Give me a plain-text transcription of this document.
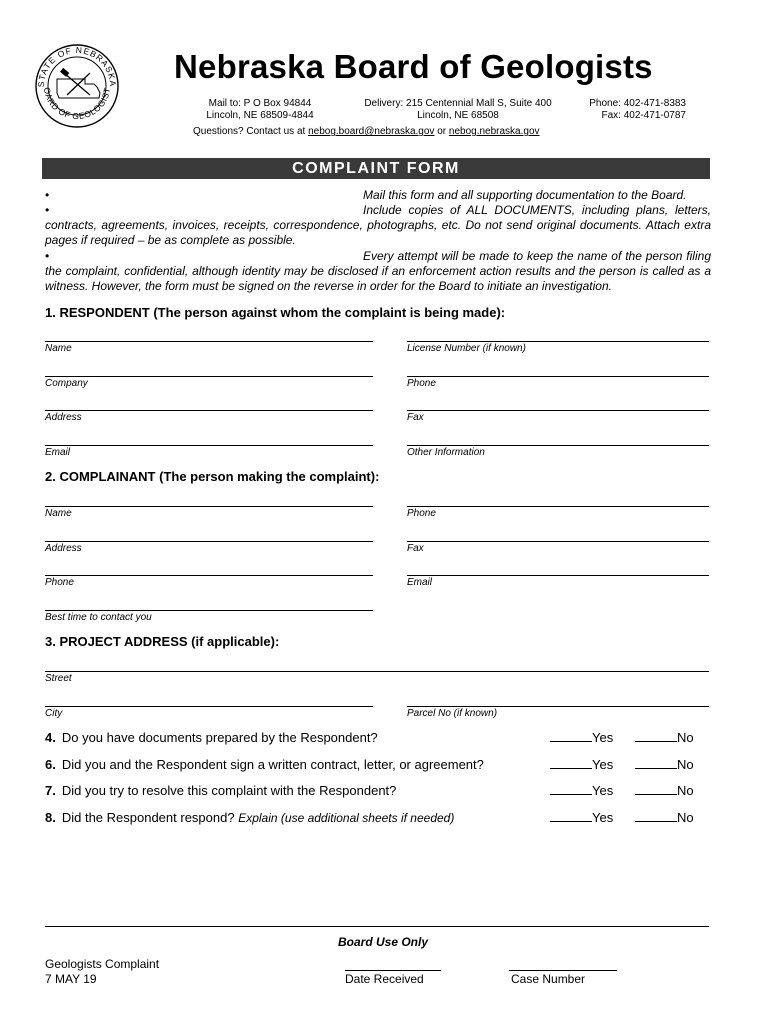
STATE OF NEBRASKA
OARD OF GEOLOGIST
Nebraska Board of Geologists
Mail to: P O Box 94844
Lincoln, NE 68509-4844
Delivery: 215 Centennial Mall S, Suite 400
Lincoln, NE 68508
Phone: 402-471-8383
Fax: 402-471-0787
Questions? Contact us at nebog.board@nebraska.gov or nebog.nebraska.gov
COMPLAINT FORM
•	Mail this form and all supporting documentation to the Board.
•	Include copies of ALL DOCUMENTS, including plans, letters, contracts, agreements, invoices, receipts, correspondence, photographs, etc. Do not send original documents. Attach extra pages if required – be as complete as possible.
•	Every attempt will be made to keep the name of the person filing the complaint, confidential, although identity may be disclosed if an enforcement action results and the person is called as a witness. However, the form must be signed on the reverse in order for the Board to initiate an investigation.
1. RESPONDENT (The person against whom the complaint is being made):
Name	License Number (if known)
Company	Phone
Address	Fax
Email	Other Information
2. COMPLAINANT (The person making the complaint):
Name	Phone
Address	Fax
Phone	Email
Best time to contact you
3. PROJECT ADDRESS (if applicable):
Street
City	Parcel No (if known)
4. Do you have documents prepared by the Respondent?	Yes	No
6. Did you and the Respondent sign a written contract, letter, or agreement?	Yes	No
7. Did you try to resolve this complaint with the Respondent?	Yes	No
8. Did the Respondent respond? Explain (use additional sheets if needed)	Yes	No
Board Use Only
Geologists Complaint
7 MAY 19	Date Received	Case Number
